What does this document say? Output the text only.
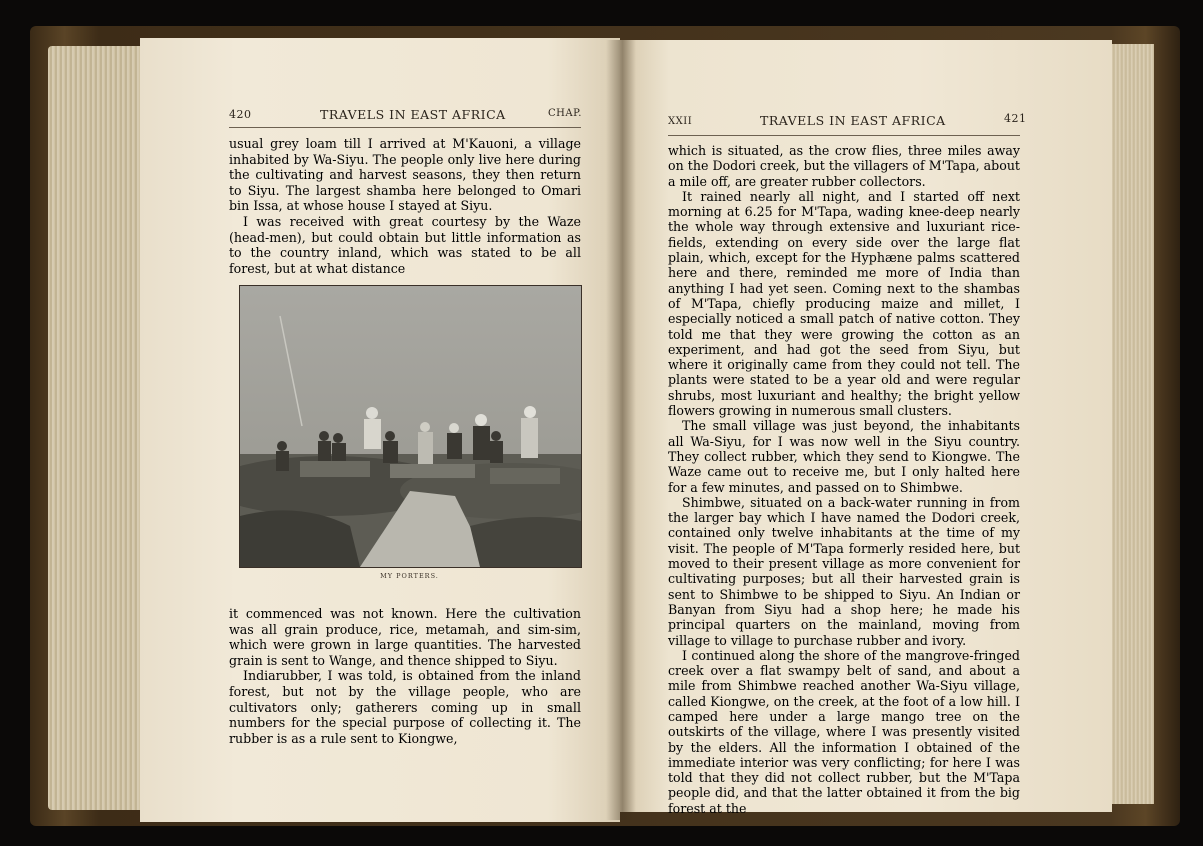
420	TRAVELS IN EAST AFRICA	CHAP.

usual grey loam till I arrived at M'Kauoni, a village inhabited by Wa-Siyu. The people only live here during the cultivating and harvest seasons, they then return to Siyu. The largest shamba here belonged to Omari bin Issa, at whose house I stayed at Siyu.

I was received with great courtesy by the Waze (head-men), but could obtain but little information as to the country inland, which was stated to be all forest, but at what distance

MY PORTERS.

it commenced was not known. Here the cultivation was all grain produce, rice, metamah, and sim-sim, which were grown in large quantities. The harvested grain is sent to Wange, and thence shipped to Siyu.

Indiarubber, I was told, is obtained from the inland forest, but not by the village people, who are cultivators only; gatherers coming up in small numbers for the special purpose of collecting it. The rubber is as a rule sent to Kiongwe,

XXII	TRAVELS IN EAST AFRICA	421

which is situated, as the crow flies, three miles away on the Dodori creek, but the villagers of M'Tapa, about a mile off, are greater rubber collectors.

It rained nearly all night, and I started off next morning at 6.25 for M'Tapa, wading knee-deep nearly the whole way through extensive and luxuriant rice-fields, extending on every side over the large flat plain, which, except for the Hyphæne palms scattered here and there, reminded me more of India than anything I had yet seen. Coming next to the shambas of M'Tapa, chiefly producing maize and millet, I especially noticed a small patch of native cotton. They told me that they were growing the cotton as an experiment, and had got the seed from Siyu, but where it originally came from they could not tell. The plants were stated to be a year old and were regular shrubs, most luxuriant and healthy; the bright yellow flowers growing in numerous small clusters.

The small village was just beyond, the inhabitants all Wa-Siyu, for I was now well in the Siyu country. They collect rubber, which they send to Kiongwe. The Waze came out to receive me, but I only halted here for a few minutes, and passed on to Shimbwe.

Shimbwe, situated on a back-water running in from the larger bay which I have named the Dodori creek, contained only twelve inhabitants at the time of my visit. The people of M'Tapa formerly resided here, but moved to their present village as more convenient for cultivating purposes; but all their harvested grain is sent to Shimbwe to be shipped to Siyu. An Indian or Banyan from Siyu had a shop here; he made his principal quarters on the mainland, moving from village to village to purchase rubber and ivory.

I continued along the shore of the mangrove-fringed creek over a flat swampy belt of sand, and about a mile from Shimbwe reached another Wa-Siyu village, called Kiongwe, on the creek, at the foot of a low hill. I camped here under a large mango tree on the outskirts of the village, where I was presently visited by the elders. All the information I obtained of the immediate interior was very conflicting; for here I was told that they did not collect rubber, but the M'Tapa people did, and that the latter obtained it from the big forest at the
